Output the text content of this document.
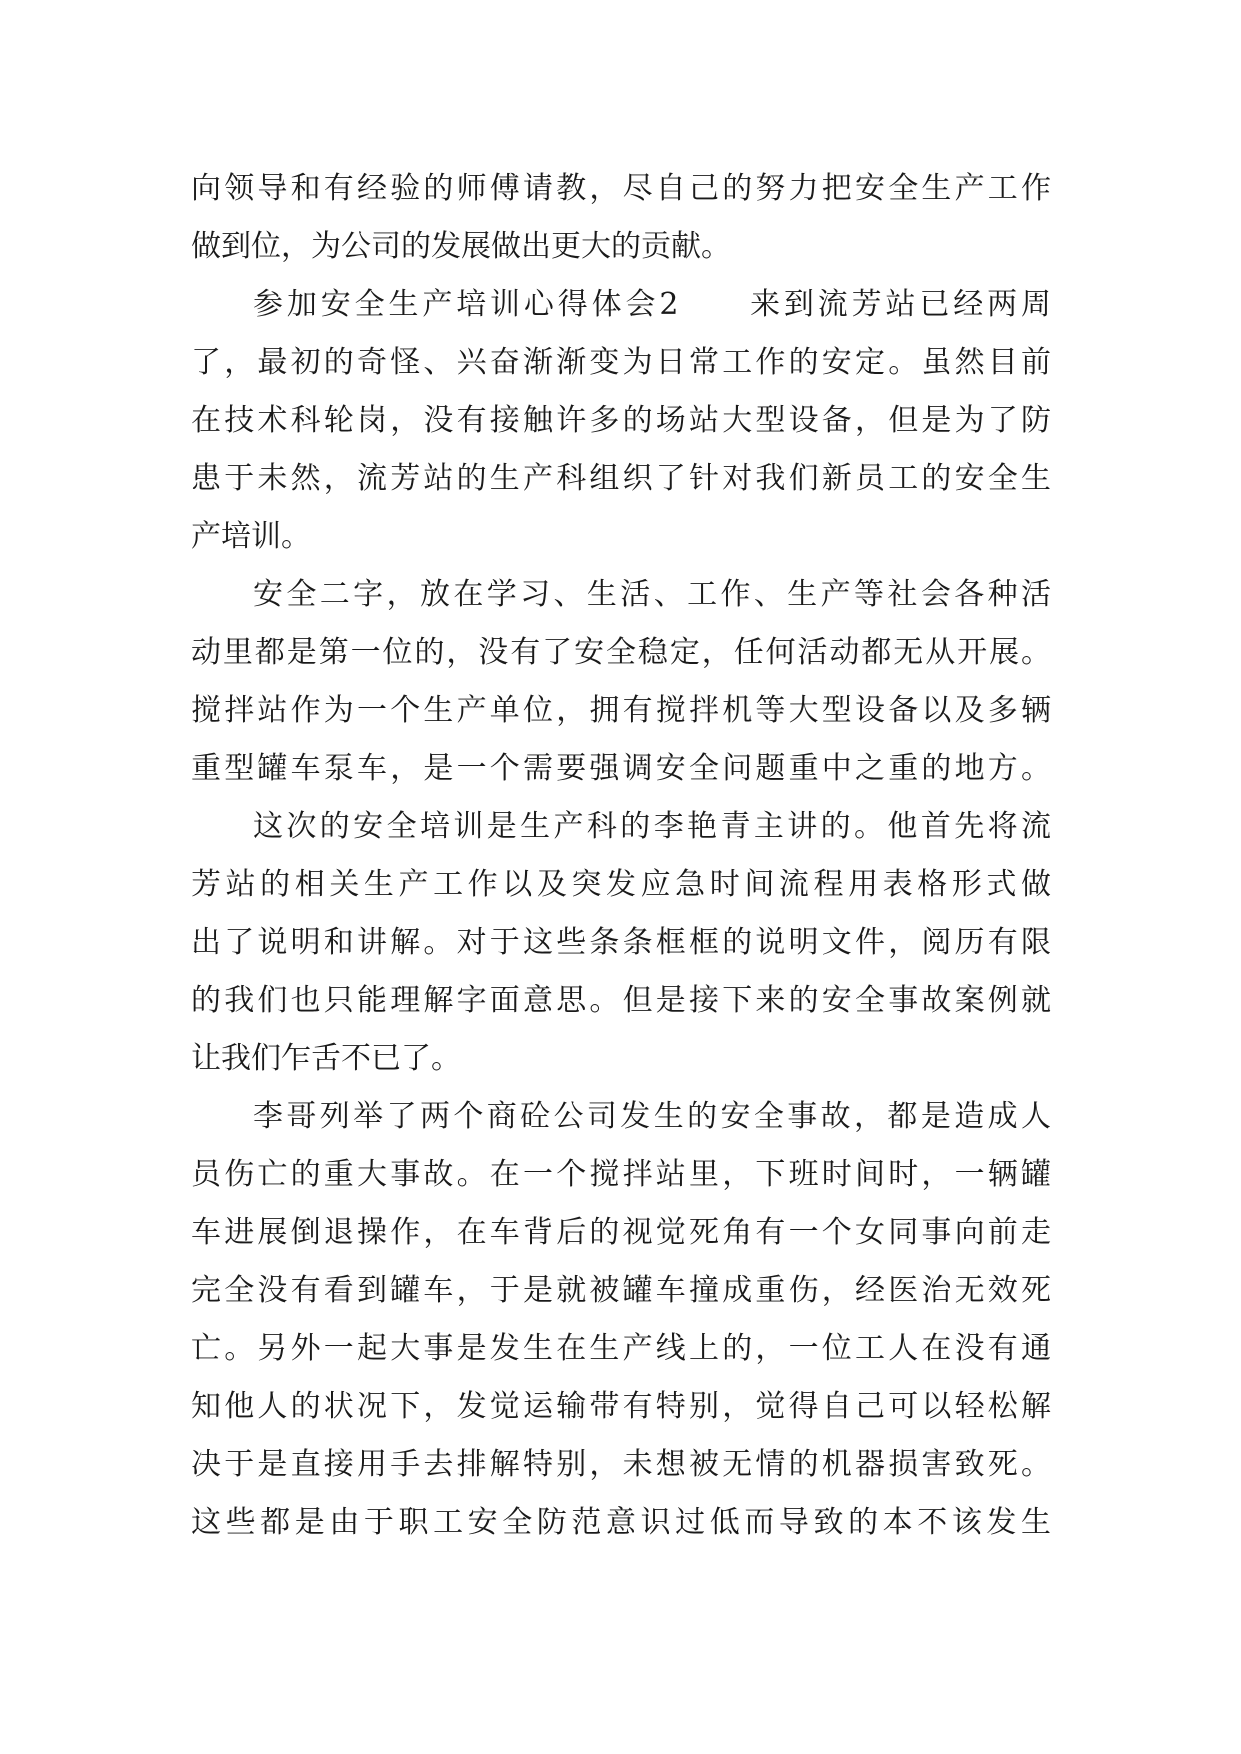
向领导和有经验的师傅请教，尽自己的努力把安全生产工作
做到位，为公司的发展做出更大的贡献。
参加安全生产培训心得体会2　　来到流芳站已经两周
了，最初的奇怪、兴奋渐渐变为日常工作的安定。虽然目前
在技术科轮岗，没有接触许多的场站大型设备，但是为了防
患于未然，流芳站的生产科组织了针对我们新员工的安全生
产培训。
安全二字，放在学习、生活、工作、生产等社会各种活
动里都是第一位的，没有了安全稳定，任何活动都无从开展。
搅拌站作为一个生产单位，拥有搅拌机等大型设备以及多辆
重型罐车泵车，是一个需要强调安全问题重中之重的地方。
这次的安全培训是生产科的李艳青主讲的。他首先将流
芳站的相关生产工作以及突发应急时间流程用表格形式做
出了说明和讲解。对于这些条条框框的说明文件，阅历有限
的我们也只能理解字面意思。但是接下来的安全事故案例就
让我们乍舌不已了。
李哥列举了两个商砼公司发生的安全事故，都是造成人
员伤亡的重大事故。在一个搅拌站里，下班时间时，一辆罐
车进展倒退操作，在车背后的视觉死角有一个女同事向前走
完全没有看到罐车，于是就被罐车撞成重伤，经医治无效死
亡。另外一起大事是发生在生产线上的，一位工人在没有通
知他人的状况下，发觉运输带有特别，觉得自己可以轻松解
决于是直接用手去排解特别，未想被无情的机器损害致死。
这些都是由于职工安全防范意识过低而导致的本不该发生
